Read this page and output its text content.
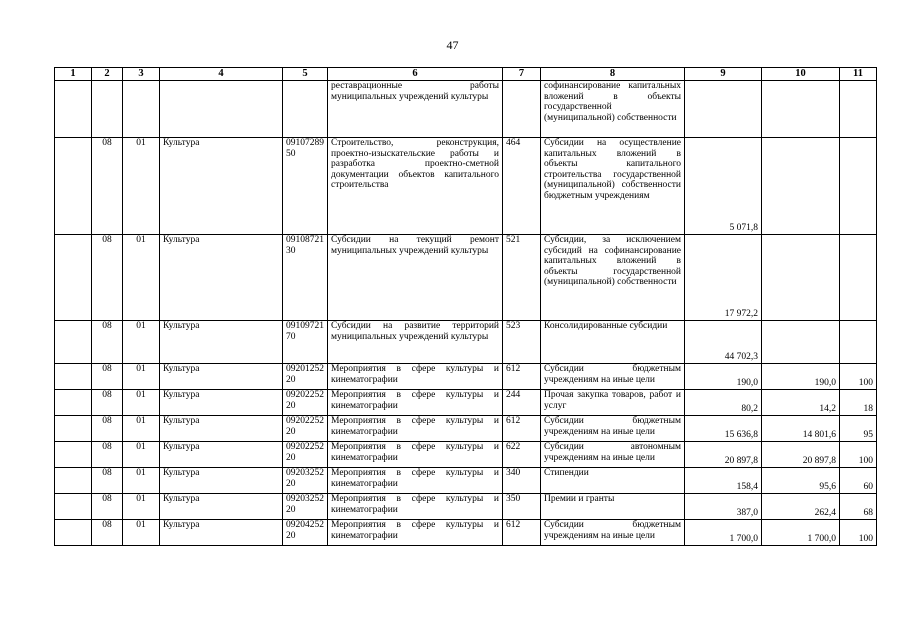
47
1	2	3	4	5	6	7	8	9	10	11
					реставрационные работы муниципальных учреждений культуры		софинансирование капитальных вложений в объекты государственной (муниципальной) собственности			
	08	01	Культура	0910728950	Строительство, реконструкция, проектно-изыскательские работы и разработка проектно-сметной документации объектов капитального строительства	464	Субсидии на осуществление капитальных вложений в объекты капитального строительства государственной (муниципальной) собственности бюджетным учреждениям	5 071,8		
	08	01	Культура	0910872130	Субсидии на текущий ремонт муниципальных учреждений культуры	521	Субсидии, за исключением субсидий на софинансирование капитальных вложений в объекты государственной (муниципальной) собственности	17 972,2		
	08	01	Культура	0910972170	Субсидии на развитие территорий муниципальных учреждений культуры	523	Консолидированные субсидии	44 702,3		
	08	01	Культура	0920125220	Мероприятия в сфере культуры и кинематографии	612	Субсидии бюджетным учреждениям на иные цели	190,0	190,0	100
	08	01	Культура	0920225220	Мероприятия в сфере культуры и кинематографии	244	Прочая закупка товаров, работ и услуг	80,2	14,2	18
	08	01	Культура	0920225220	Мероприятия в сфере культуры и кинематографии	612	Субсидии бюджетным учреждениям на иные цели	15 636,8	14 801,6	95
	08	01	Культура	0920225220	Мероприятия в сфере культуры и кинематографии	622	Субсидии автономным учреждениям на иные цели	20 897,8	20 897,8	100
	08	01	Культура	0920325220	Мероприятия в сфере культуры и кинематографии	340	Стипендии	158,4	95,6	60
	08	01	Культура	0920325220	Мероприятия в сфере культуры и кинематографии	350	Премии и гранты	387,0	262,4	68
	08	01	Культура	0920425220	Мероприятия в сфере культуры и кинематографии	612	Субсидии бюджетным учреждениям на иные цели	1 700,0	1 700,0	100
